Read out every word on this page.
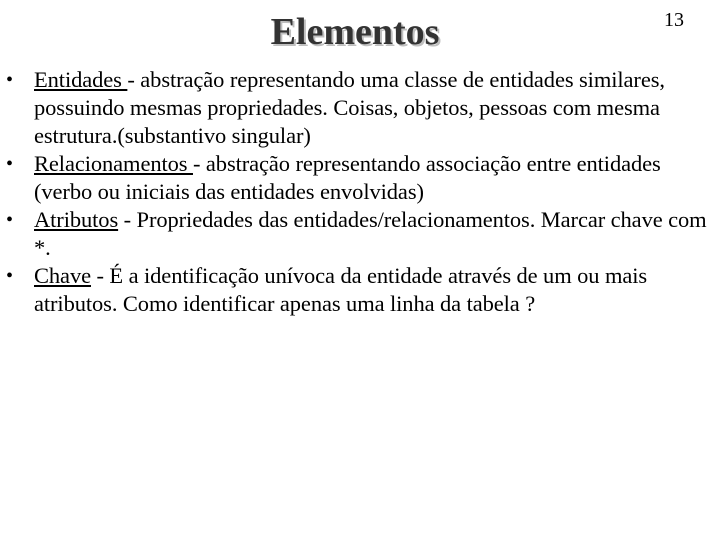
Elementos	13
• Entidades - abstração representando uma classe de entidades similares, possuindo mesmas propriedades. Coisas, objetos, pessoas com mesma estrutura.(substantivo singular)
• Relacionamentos - abstração representando associação entre entidades (verbo ou iniciais das entidades envolvidas)
• Atributos - Propriedades das entidades/relacionamentos. Marcar chave com *.
• Chave - É a identificação unívoca da entidade através de um ou mais atributos. Como identificar apenas uma linha da tabela ?
